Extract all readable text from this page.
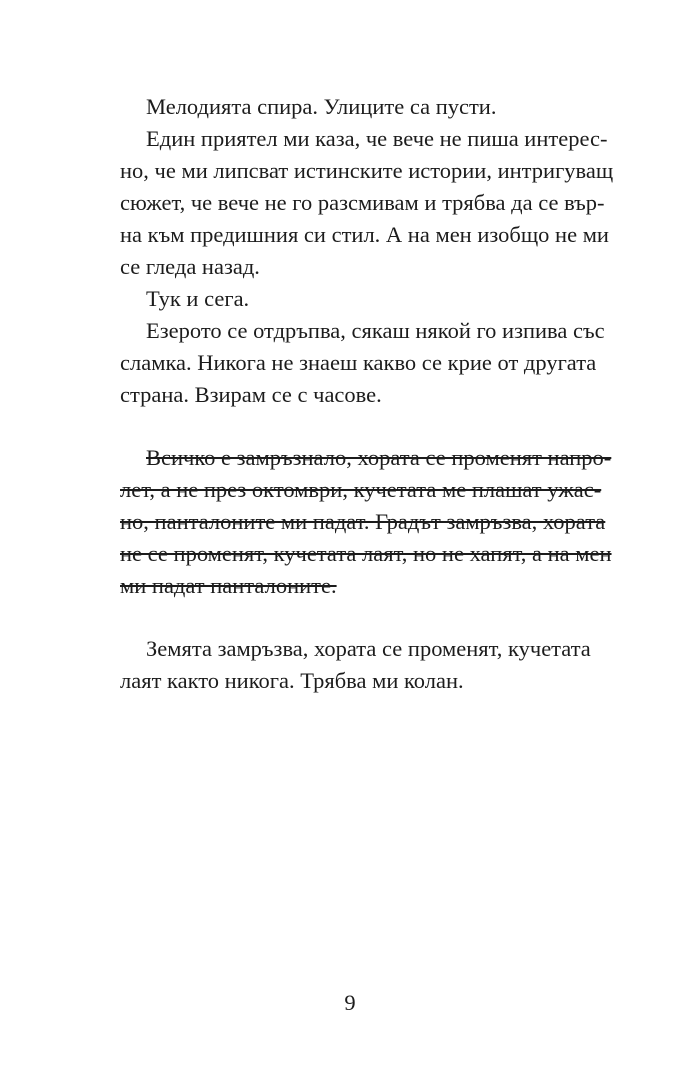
Мелодията спира. Улиците са пусти.
Един приятел ми каза, че вече не пиша интерес-
но, че ми липсват истинските истории, интригуващ
сюжет, че вече не го разсмивам и трябва да се вър-
на към предишния си стил. А на мен изобщо не ми
се гледа назад.
Тук и сега.
Езерото се отдръпва, сякаш някой го изпива със
сламка. Никога не знаеш какво се крие от другата
страна. Взирам се с часове.
Всичко е замръзнало, хората се променят напро-
лет, а не през октомври, кучетата ме плашат ужас-
но, панталоните ми падат. Градът замръзва, хората
не се променят, кучетата лаят, но не хапят, а на мен
ми падат панталоните.
Земята замръзва, хората се променят, кучетата
лаят както никога. Трябва ми колан.
9
